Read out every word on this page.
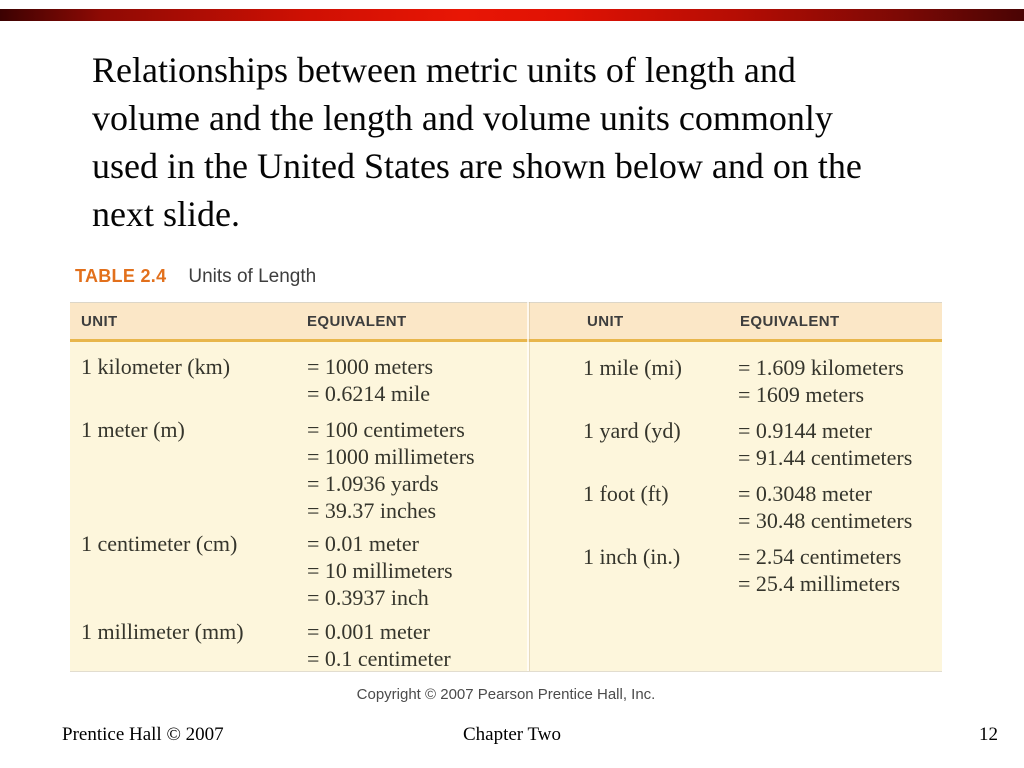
Relationships between metric units of length and
volume and the length and volume units commonly
used in the United States are shown below and on the
next slide.
TABLE 2.4 Units of Length
UNIT	EQUIVALENT	UNIT	EQUIVALENT
1 kilometer (km)	= 1000 meters
= 0.6214 mile
1 meter (m)	= 100 centimeters
= 1000 millimeters
= 1.0936 yards
= 39.37 inches
1 centimeter (cm)	= 0.01 meter
= 10 millimeters
= 0.3937 inch
1 millimeter (mm)	= 0.001 meter
= 0.1 centimeter
1 mile (mi)	= 1.609 kilometers
= 1609 meters
1 yard (yd)	= 0.9144 meter
= 91.44 centimeters
1 foot (ft)	= 0.3048 meter
= 30.48 centimeters
1 inch (in.)	= 2.54 centimeters
= 25.4 millimeters
Copyright © 2007 Pearson Prentice Hall, Inc.
Prentice Hall © 2007	Chapter Two	12
